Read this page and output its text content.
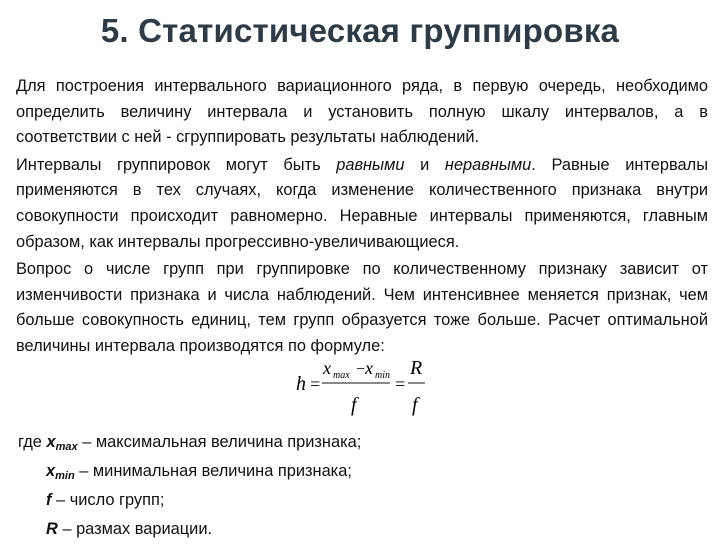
5. Статистическая группировка

Для построения интервального вариационного ряда, в первую очередь, необходимо определить величину интервала и установить полную шкалу интервалов, а в соответствии с ней - сгруппировать результаты наблюдений.

Интервалы группировок могут быть равными и неравными. Равные интервалы применяются в тех случаях, когда изменение количественного признака внутри совокупности происходит равномерно. Неравные интервалы применяются, главным образом, как интервалы прогрессивно-увеличивающиеся.

Вопрос о числе групп при группировке по количественному признаку зависит от изменчивости признака и числа наблюдений. Чем интенсивнее меняется признак, чем больше совокупность единиц, тем групп образуется тоже больше. Расчет оптимальной величины интервала производятся по формуле:

h =
x max − x min
f
=
R
f
где $x_{max}$ – максимальная величина признака;
$x_{min}$ – минимальная величина признака;
f – число групп;
R – размах вариации.
